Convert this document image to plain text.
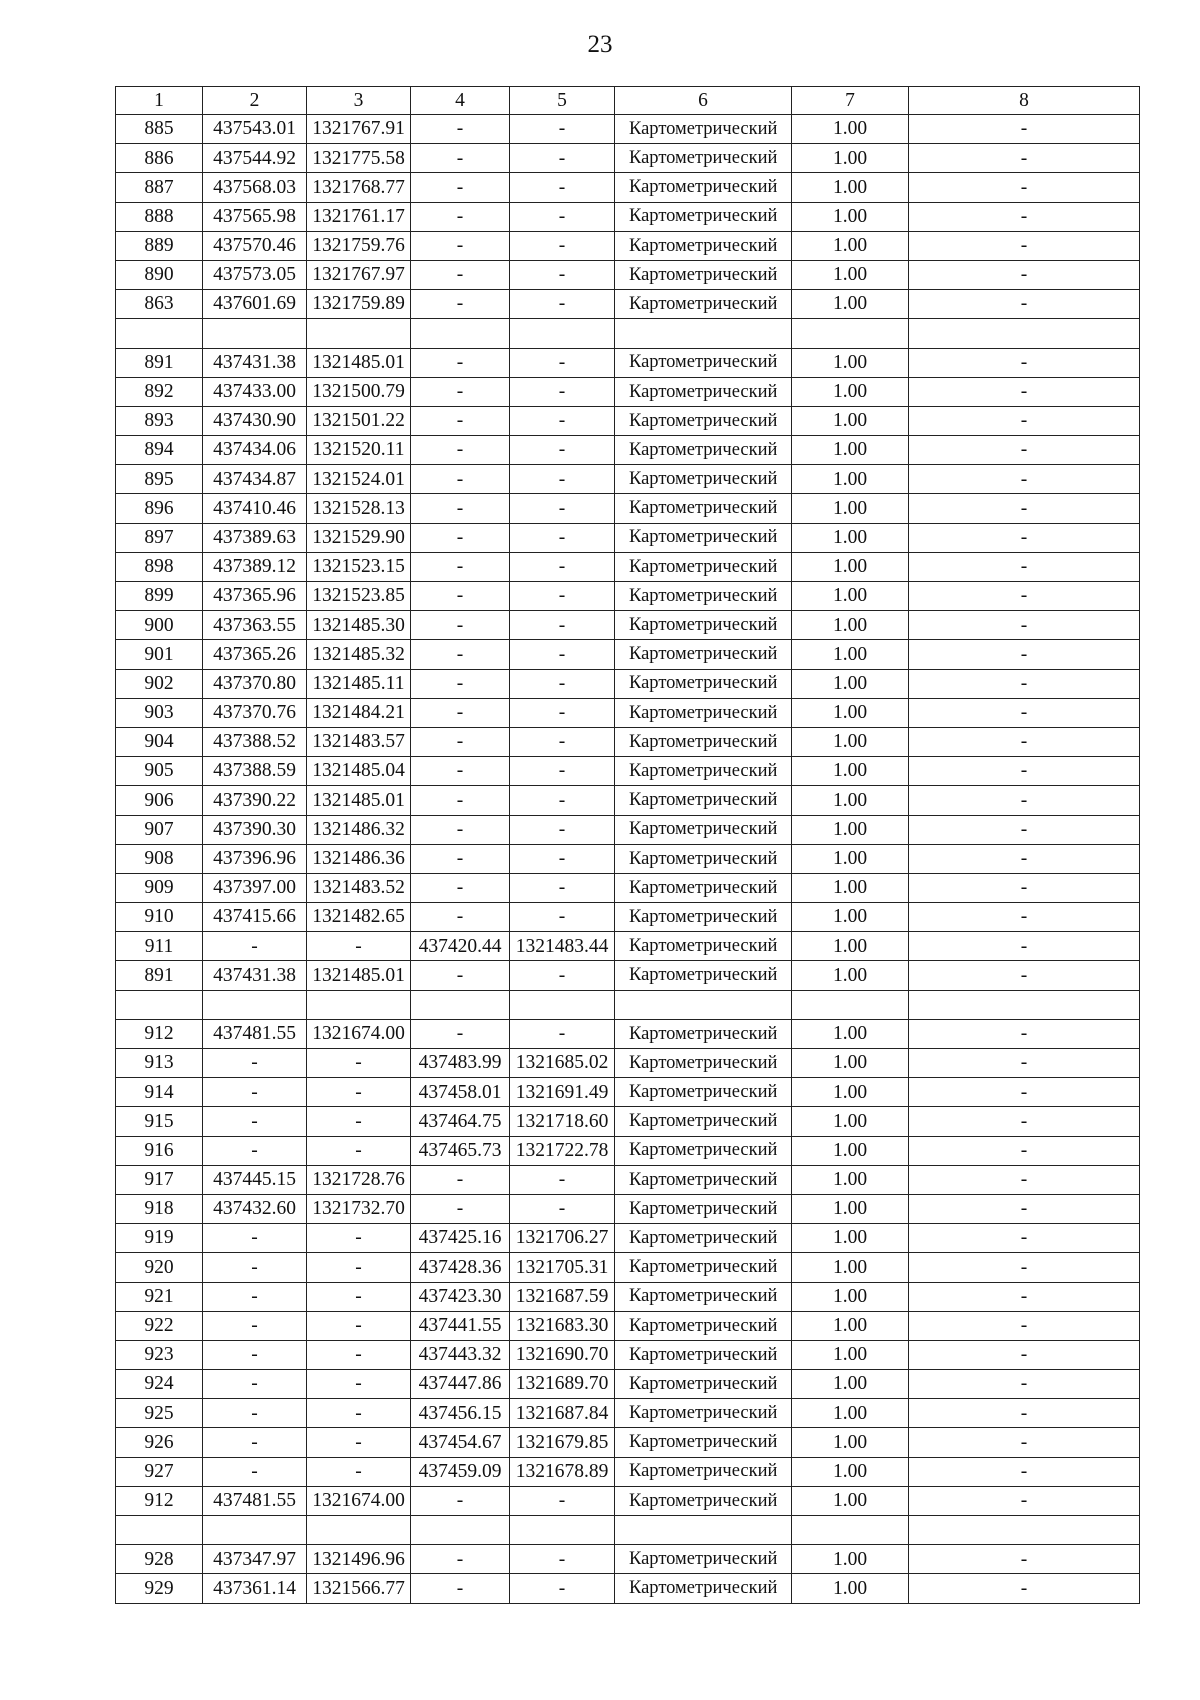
23
1	2	3	4	5	6	7	8
885	437543.01	1321767.91	-	-	Картометрический	1.00	-
886	437544.92	1321775.58	-	-	Картометрический	1.00	-
887	437568.03	1321768.77	-	-	Картометрический	1.00	-
888	437565.98	1321761.17	-	-	Картометрический	1.00	-
889	437570.46	1321759.76	-	-	Картометрический	1.00	-
890	437573.05	1321767.97	-	-	Картометрический	1.00	-
863	437601.69	1321759.89	-	-	Картометрический	1.00	-

891	437431.38	1321485.01	-	-	Картометрический	1.00	-
892	437433.00	1321500.79	-	-	Картометрический	1.00	-
893	437430.90	1321501.22	-	-	Картометрический	1.00	-
894	437434.06	1321520.11	-	-	Картометрический	1.00	-
895	437434.87	1321524.01	-	-	Картометрический	1.00	-
896	437410.46	1321528.13	-	-	Картометрический	1.00	-
897	437389.63	1321529.90	-	-	Картометрический	1.00	-
898	437389.12	1321523.15	-	-	Картометрический	1.00	-
899	437365.96	1321523.85	-	-	Картометрический	1.00	-
900	437363.55	1321485.30	-	-	Картометрический	1.00	-
901	437365.26	1321485.32	-	-	Картометрический	1.00	-
902	437370.80	1321485.11	-	-	Картометрический	1.00	-
903	437370.76	1321484.21	-	-	Картометрический	1.00	-
904	437388.52	1321483.57	-	-	Картометрический	1.00	-
905	437388.59	1321485.04	-	-	Картометрический	1.00	-
906	437390.22	1321485.01	-	-	Картометрический	1.00	-
907	437390.30	1321486.32	-	-	Картометрический	1.00	-
908	437396.96	1321486.36	-	-	Картометрический	1.00	-
909	437397.00	1321483.52	-	-	Картометрический	1.00	-
910	437415.66	1321482.65	-	-	Картометрический	1.00	-
911	-	-	437420.44	1321483.44	Картометрический	1.00	-
891	437431.38	1321485.01	-	-	Картометрический	1.00	-

912	437481.55	1321674.00	-	-	Картометрический	1.00	-
913	-	-	437483.99	1321685.02	Картометрический	1.00	-
914	-	-	437458.01	1321691.49	Картометрический	1.00	-
915	-	-	437464.75	1321718.60	Картометрический	1.00	-
916	-	-	437465.73	1321722.78	Картометрический	1.00	-
917	437445.15	1321728.76	-	-	Картометрический	1.00	-
918	437432.60	1321732.70	-	-	Картометрический	1.00	-
919	-	-	437425.16	1321706.27	Картометрический	1.00	-
920	-	-	437428.36	1321705.31	Картометрический	1.00	-
921	-	-	437423.30	1321687.59	Картометрический	1.00	-
922	-	-	437441.55	1321683.30	Картометрический	1.00	-
923	-	-	437443.32	1321690.70	Картометрический	1.00	-
924	-	-	437447.86	1321689.70	Картометрический	1.00	-
925	-	-	437456.15	1321687.84	Картометрический	1.00	-
926	-	-	437454.67	1321679.85	Картометрический	1.00	-
927	-	-	437459.09	1321678.89	Картометрический	1.00	-
912	437481.55	1321674.00	-	-	Картометрический	1.00	-

928	437347.97	1321496.96	-	-	Картометрический	1.00	-
929	437361.14	1321566.77	-	-	Картометрический	1.00	-
